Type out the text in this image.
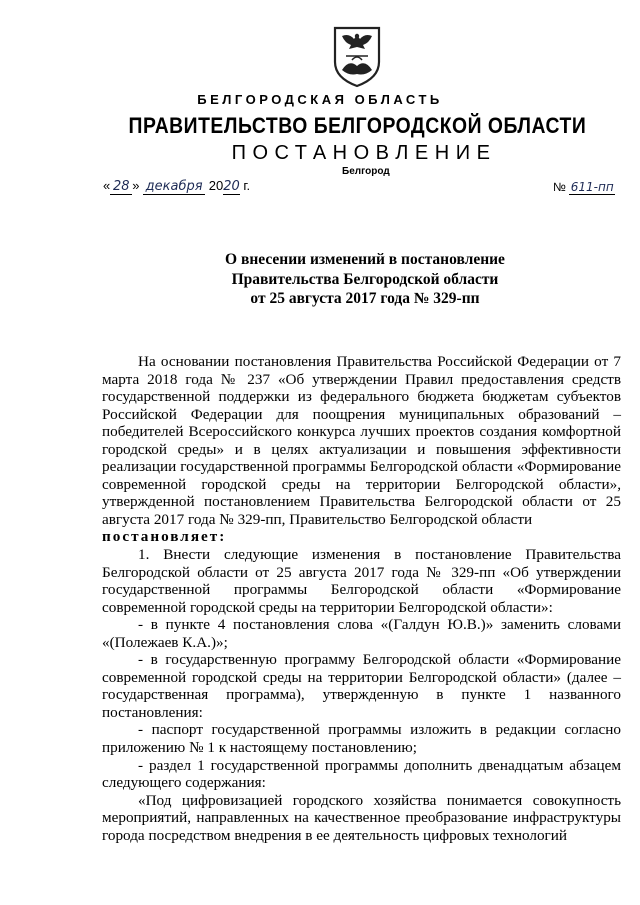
БЕЛГОРОДСКАЯ ОБЛАСТЬ
ПРАВИТЕЛЬСТВО БЕЛГОРОДСКОЙ ОБЛАСТИ
ПОСТАНОВЛЕНИЕ
Белгород
« 28 » декабря 2020 г.	№ 611-пп
О внесении изменений в постановление
Правительства Белгородской области
от 25 августа 2017 года № 329-пп

На основании постановления Правительства Российской Федерации от 7 марта 2018 года № 237 «Об утверждении Правил предоставления средств государственной поддержки из федерального бюджета бюджетам субъектов Российской Федерации для поощрения муниципальных образований – победителей Всероссийского конкурса лучших проектов создания комфортной городской среды» и в целях актуализации и повышения эффективности реализации государственной программы Белгородской области «Формирование современной городской среды на территории Белгородской области», утвержденной постановлением Правительства Белгородской области от 25 августа 2017 года № 329-пп, Правительство Белгородской области

постановляет:

1. Внести следующие изменения в постановление Правительства Белгородской области от 25 августа 2017 года № 329-пп «Об утверждении государственной программы Белгородской области «Формирование современной городской среды на территории Белгородской области»:

- в пункте 4 постановления слова «(Галдун Ю.В.)» заменить словами «(Полежаев К.А.)»;

- в государственную программу Белгородской области «Формирование современной городской среды на территории Белгородской области» (далее – государственная программа), утвержденную в пункте 1 названного постановления:

- паспорт государственной программы изложить в редакции согласно приложению № 1 к настоящему постановлению;

- раздел 1 государственной программы дополнить двенадцатым абзацем следующего содержания:

«Под цифровизацией городского хозяйства понимается совокупность мероприятий, направленных на качественное преобразование инфраструктуры города посредством внедрения в ее деятельность цифровых технологий
